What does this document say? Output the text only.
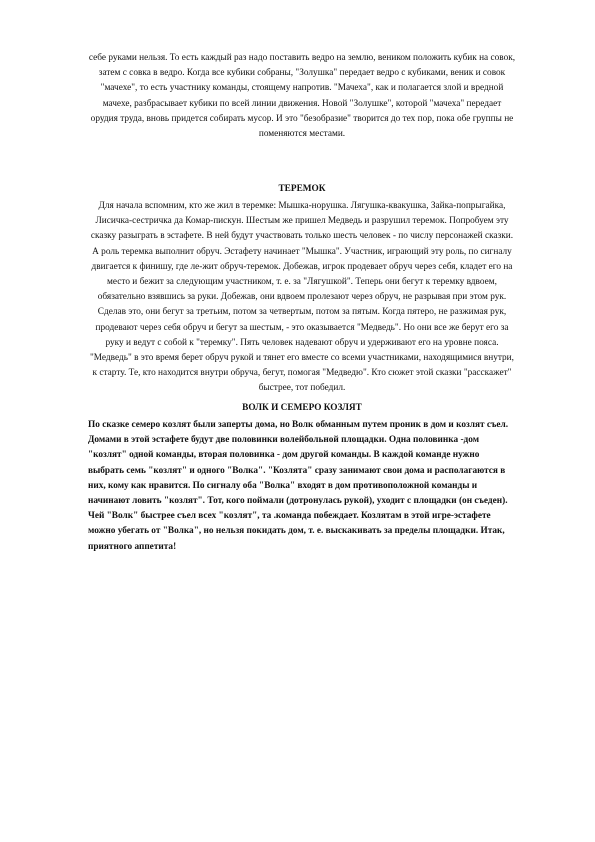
себе руками нельзя. То есть каждый раз надо поставить ведро на землю, веником положить кубик на совок, затем с совка в ведро. Когда все кубики собраны, "Золушка" передает ведро с кубиками, веник и совок "мачехе", то есть участнику команды, стоящему напротив. "Мачеха", как и полагается злой и вредной мачехе, разбрасывает кубики по всей линии движения. Новой "Золушке", которой "мачеха" передает орудия труда, вновь придется собирать мусор. И это "безобразие" творится до тех пор, пока обе группы не поменяются местами.

ТЕРЕМОК

Для начала вспомним, кто же жил в теремке: Мышка-норушка. Лягушка-квакушка, Зайка-попрыгайка, Лисичка-сестричка да Комар-пискун. Шестым же пришел Медведь и разрушил теремок. Попробуем эту сказку разыграть в эстафете. В ней будут участвовать только шесть человек - по числу персонажей сказки. А роль теремка выполнит обруч. Эстафету начинает "Мышка". Участник, играющий эту роль, по сигналу двигается к финишу, где ле-жит обруч-теремок. Добежав, игрок продевает обруч через себя, кладет его на место и бежит за следующим участником, т. е. за "Лягушкой". Теперь они бегут к теремку вдвоем, обязательно взявшись за руки. Добежав, они вдвоем пролезают через обруч, не разрывая при этом рук. Сделав это, они бегут за третьим, потом за четвертым, потом за пятым. Когда пятеро, не разжимая рук, продевают через себя обруч и бегут за шестым, - это оказывается "Медведь". Но они все же берут его за руку и ведут с собой к "теремку". Пять человек надевают обруч и удерживают его на уровне пояса. "Медведь" в это время берет обруч рукой и тянет его вместе со всеми участниками, находящимися внутри, к старту. Те, кто находится внутри обруча, бегут, помогая "Медведю". Кто сюжет этой сказки "расскажет" быстрее, тот победил.

ВОЛК И СЕМЕРО КОЗЛЯТ

По сказке семеро козлят были заперты дома, но Волк обманным путем проник в дом и козлят съел. Домами в этой эстафете будут две половинки волейбольной площадки. Одна половинка -дом "козлят" одной команды, вторая половинка - дом другой команды. В каждой команде нужно выбрать семь "козлят" и одного "Волка". "Козлята" сразу занимают свои дома и располагаются в них, кому как нравится. По сигналу оба "Волка" входят в дом противоположной команды и начинают ловить "козлят". Тот, кого поймали (дотронулась рукой), уходит с площадки (он съеден). Чей "Волк" быстрее съел всех "козлят", та .команда побеждает. Козлятам в этой игре-эстафете можно убегать от "Волка", но нельзя покидать дом, т. е. выскакивать за пределы площадки. Итак, приятного аппетита!
